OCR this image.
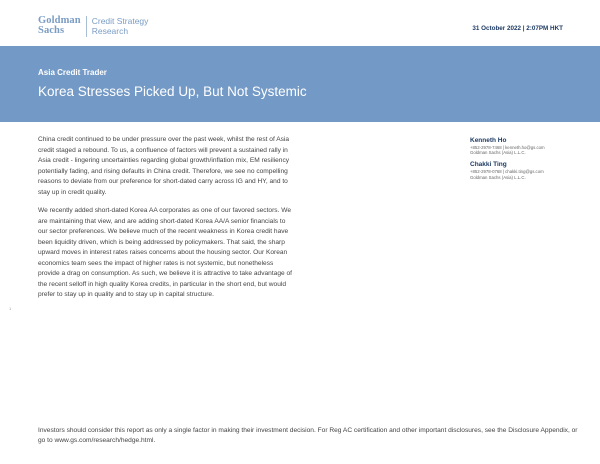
Goldman
Sachs
Credit Strategy
Research	31 October 2022 | 2:07PM HKT
Asia Credit Trader
Korea Stresses Picked Up, But Not Systemic

China credit continued to be under pressure over the past week, whilst the rest of Asia credit staged a rebound. To us, a confluence of factors will prevent a sustained rally in Asia credit - lingering uncertainties regarding global growth/inflation mix, EM resiliency potentially fading, and rising defaults in China credit. Therefore, we see no compelling reasons to deviate from our preference for short-dated carry across IG and HY, and to stay up in credit quality.

We recently added short-dated Korea AA corporates as one of our favored sectors. We are maintaining that view, and are adding short-dated Korea AA/A senior financials to our sector preferences. We believe much of the recent weakness in Korea credit have been liquidity driven, which is being addressed by policymakers. That said, the sharp upward moves in interest rates raises concerns about the housing sector. Our Korean economics team sees the impact of higher rates is not systemic, but nonetheless provide a drag on consumption. As such, we believe it is attractive to take advantage of the recent selloff in high quality Korea credits, in particular in the short end, but would prefer to stay up in quality and to stay up in capital structure.

Kenneth Ho
+852-2978-7468 | kenneth.ho@gs.com
Goldman Sachs (Asia) L.L.C.
Chakki Ting
+852-2978-0768 | chakki.ting@gs.com
Goldman Sachs (Asia) L.L.C.
1
Investors should consider this report as only a single factor in making their investment decision. For Reg AC certification and other important disclosures, see the Disclosure Appendix, or go to www.gs.com/research/hedge.html.
